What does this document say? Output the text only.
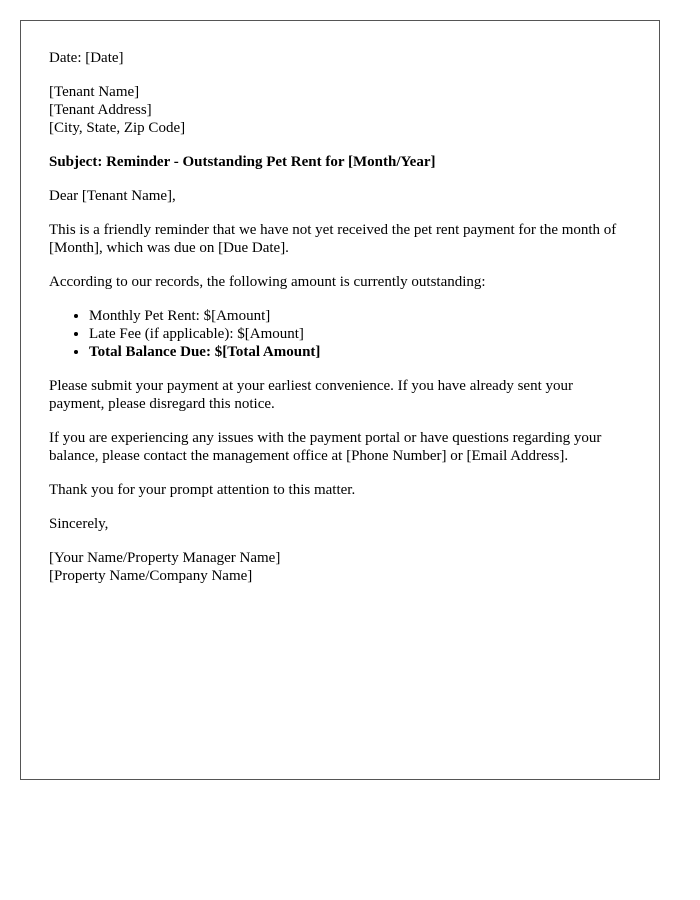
Date: [Date]

[Tenant Name]
[Tenant Address]
[City, State, Zip Code]

Subject: Reminder - Outstanding Pet Rent for [Month/Year]

Dear [Tenant Name],

This is a friendly reminder that we have not yet received the pet rent payment for the month of [Month], which was due on [Due Date].

According to our records, the following amount is currently outstanding:

• Monthly Pet Rent: $[Amount]
• Late Fee (if applicable): $[Amount]
• Total Balance Due: $[Total Amount]

Please submit your payment at your earliest convenience. If you have already sent your payment, please disregard this notice.

If you are experiencing any issues with the payment portal or have questions regarding your balance, please contact the management office at [Phone Number] or [Email Address].

Thank you for your prompt attention to this matter.

Sincerely,

[Your Name/Property Manager Name]
[Property Name/Company Name]
